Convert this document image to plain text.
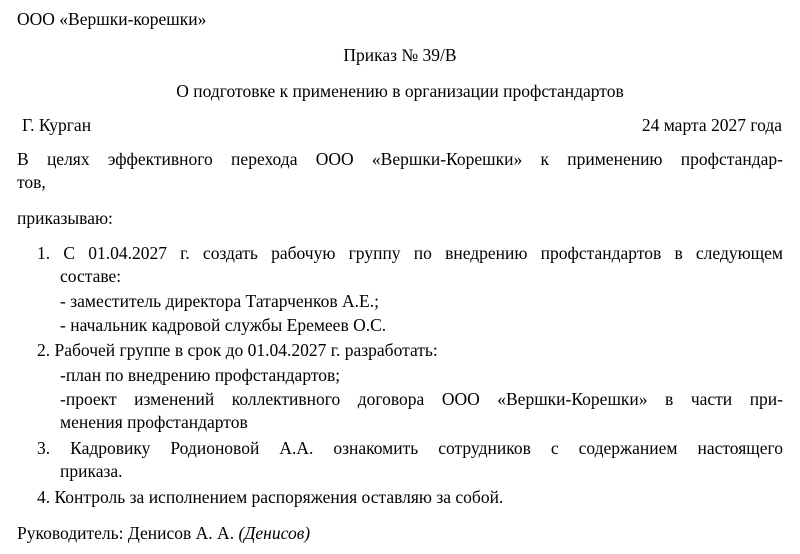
ООО «Вершки-корешки»
Приказ № 39/В
О подготовке к применению в организации профстандартов
Г. Курган	24 марта 2027 года
В целях эффективного перехода ООО «Вершки-Корешки» к применению профстандар-
тов,
приказываю:
1. С 01.04.2027 г. создать рабочую группу по внедрению профстандартов в следующем
составе:
- заместитель директора Татарченков А.Е.;
- начальник кадровой службы Еремеев О.С.
2. Рабочей группе в срок до 01.04.2027 г. разработать:
-план по внедрению профстандартов;
-проект изменений коллективного договора ООО «Вершки-Корешки» в части при-
менения профстандартов
3. Кадровику Родионовой А.А. ознакомить сотрудников с содержанием настоящего
приказа.
4. Контроль за исполнением распоряжения оставляю за собой.
Руководитель: Денисов А. А. (Денисов)
